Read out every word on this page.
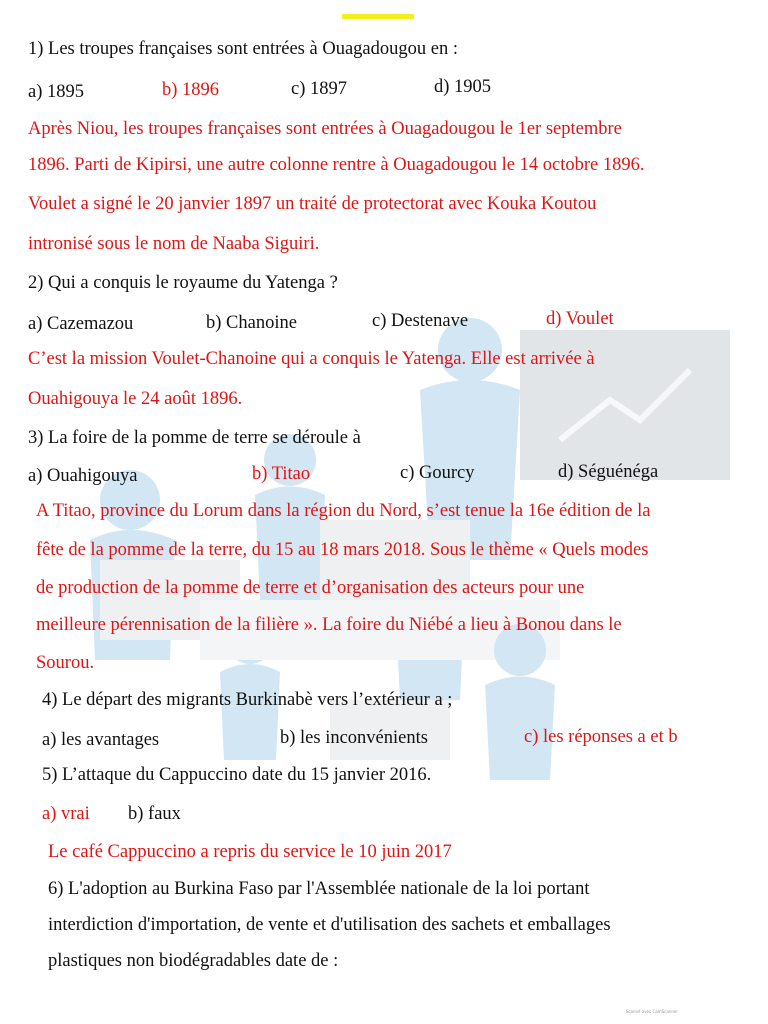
1) Les troupes françaises sont entrées à Ouagadougou en :
a) 1895	b) 1896	c) 1897	d) 1905
Après Niou, les troupes françaises sont entrées à Ouagadougou le 1er septembre
1896. Parti de Kipirsi, une autre colonne rentre à Ouagadougou le 14 octobre 1896.
Voulet a signé le 20 janvier 1897 un traité de protectorat avec Kouka Koutou
intronisé sous le nom de Naaba Siguiri.
2) Qui a conquis le royaume du Yatenga ?
a) Cazemazou	b) Chanoine	c) Destenave	d) Voulet
C’est la mission Voulet-Chanoine qui a conquis le Yatenga. Elle est arrivée à
Ouahigouya le 24 août 1896.
3) La foire de la pomme de terre se déroule à
a) Ouahigouya	b) Titao	c) Gourcy	d) Séguénéga
A Titao, province du Lorum dans la région du Nord, s’est tenue la 16e édition de la
fête de la pomme de la terre, du 15 au 18 mars 2018. Sous le thème « Quels modes
de production de la pomme de terre et d’organisation des acteurs pour une
meilleure pérennisation de la filière ». La foire du Niébé a lieu à Bonou dans le
Sourou.
4) Le départ des migrants Burkinabè vers l’extérieur a ;
a) les avantages	b) les inconvénients	c) les réponses a et b
5) L’attaque du Cappuccino date du 15 janvier 2016.
a) vrai b) faux
Le café Cappuccino a repris du service le 10 juin 2017
6) L'adoption au Burkina Faso par l'Assemblée nationale de la loi portant
interdiction d'importation, de vente et d'utilisation des sachets et emballages
plastiques non biodégradables date de :
Scanné avec CamScanner
